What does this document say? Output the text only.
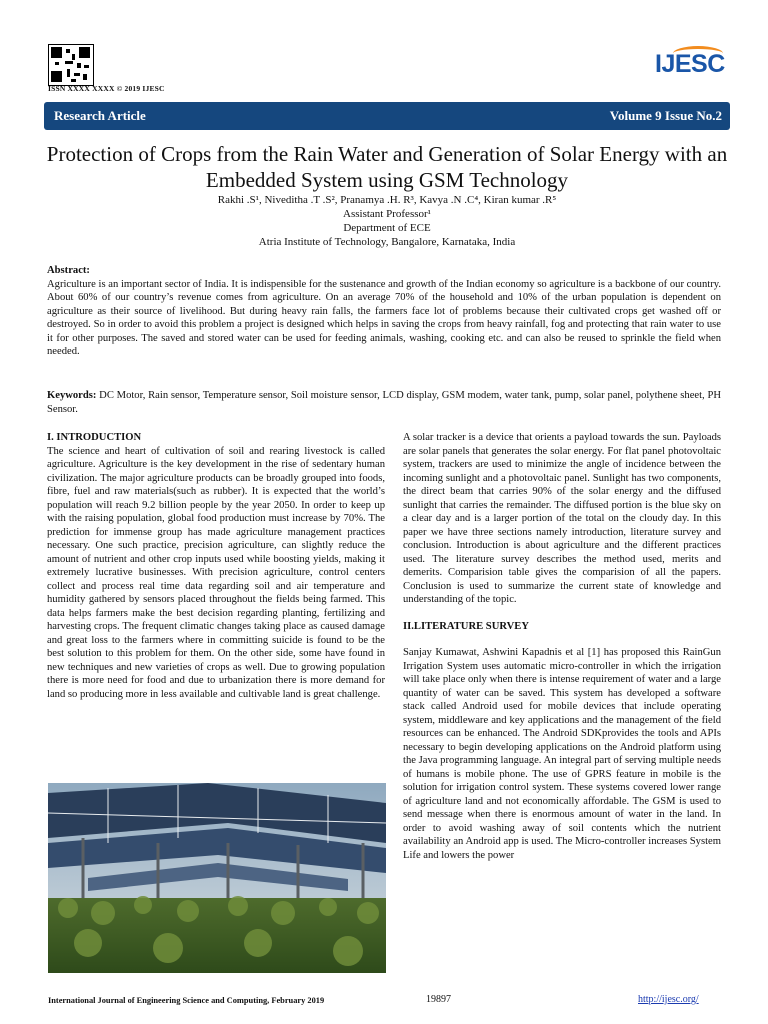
ISSN XXXX XXXX © 2019 IJESC
IJESC
Research Article	Volume 9 Issue No.2
Protection of Crops from the Rain Water and Generation of Solar Energy with an Embedded System using GSM Technology
Rakhi .S¹, Niveditha .T .S², Pranamya .H. R³, Kavya .N .C⁴, Kiran kumar .R⁵
Assistant Professor¹
Department of ECE
Atria Institute of Technology, Bangalore, Karnataka, India
Abstract:
Agriculture is an important sector of India. It is indispensible for the sustenance and growth of the Indian economy so agriculture is a backbone of our country. About 60% of our country’s revenue comes from agriculture. On an average 70% of the household and 10% of the urban population is dependent on agriculture as their source of livelihood. But during heavy rain falls, the farmers face lot of problems because their cultivated crops get washed off or destroyed. So in order to avoid this problem a project is designed which helps in saving the crops from heavy rainfall, fog and protecting that rain water to use it for other purposes. The saved and stored water can be used for feeding animals, washing, cooking etc. and can also be reused to sprinkle the field when needed.
Keywords: DC Motor, Rain sensor, Temperature sensor, Soil moisture sensor, LCD display, GSM modem, water tank, pump, solar panel, polythene sheet, PH Sensor.
I. INTRODUCTION
The science and heart of cultivation of soil and rearing livestock is called agriculture. Agriculture is the key development in the rise of sedentary human civilization. The major agriculture products can be broadly grouped into foods, fibre, fuel and raw materials(such as rubber). It is expected that the world’s population will reach 9.2 billion people by the year 2050. In order to keep up with the raising population, global food production must increase by 70%. The prediction for immense group has made agriculture management practices necessary. One such practice, precision agriculture, can slightly reduce the amount of nutrient and other crop inputs used while boosting yields, making it extremely lucrative businesses. With precision agriculture, control centers collect and process real time data regarding soil and air temperature and humidity gathered by sensors placed throughout the fields being farmed. This data helps farmers make the best decision regarding planting, fertilizing and harvesting crops. The frequent climatic changes taking place as caused damage and great loss to the farmers where in committing suicide is found to be the best solution to this problem for them. On the other side, some have found in new techniques and new varieties of crops as well. Due to growing population there is more need for food and due to urbanization there is more demand for land so producing more in less available and cultivable land is great challenge.
A solar tracker is a device that orients a payload towards the sun. Payloads are solar panels that generates the solar energy. For flat panel photovoltaic system, trackers are used to minimize the angle of incidence between the incoming sunlight and a photovoltaic panel. Sunlight has two components, the direct beam that carries 90% of the solar energy and the diffused sunlight that carries the remainder. The diffused portion is the blue sky on a clear day and is a larger portion of the total on the cloudy day. In this paper we have three sections namely introduction, literature survey and conclusion. Introduction is about agriculture and the different practices used. The literature survey describes the method used, merits and demerits. Comparision table gives the comparision of all the papers. Conclusion is used to summarize the current state of knowledge and understanding of the topic.
II.LITERATURE SURVEY
Sanjay Kumawat, Ashwini Kapadnis et al [1] has proposed this RainGun Irrigation System uses automatic micro-controller in which the irrigation will take place only when there is intense requirement of water and a large quantity of water can be saved. This system has developed a software stack called Android used for mobile devices that include operating system, middleware and key applications and the management of the field resources can be enhanced. The Android SDKprovides the tools and APIs necessary to begin developing applications on the Android platform using the Java programming language. An integral part of serving multiple needs of humans is mobile phone. The use of GPRS feature in mobile is the solution for irrigation control system. These systems covered lower range of agriculture land and not economically affordable. The GSM is used to send message when there is enormous amount of water in the land. In order to avoid washing away of soil contents which the nutrient availability an Android app is used. The Micro-controller increases System Life and lowers the power
International Journal of Engineering Science and Computing, February 2019	19897	http://ijesc.org/
